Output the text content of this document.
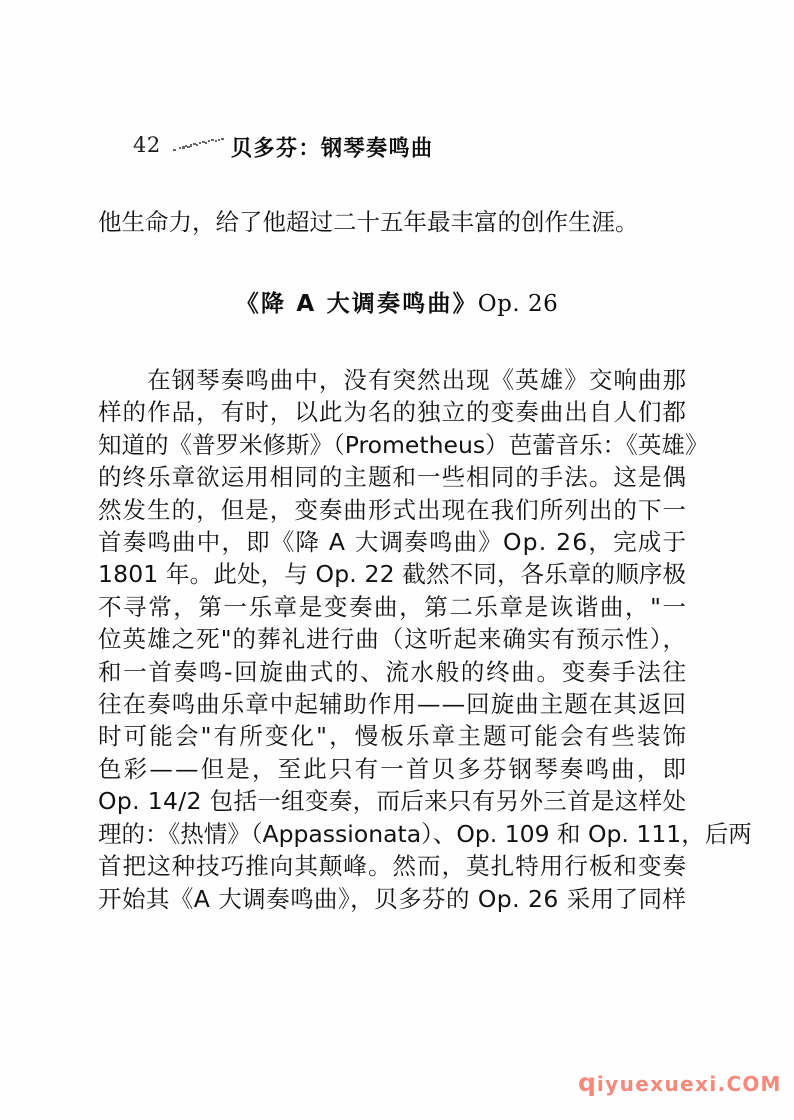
42	贝多芬：钢琴奏鸣曲
他生命力，给了他超过二十五年最丰富的创作生涯。
《降 A 大调奏鸣曲》Op. 26
　　在钢琴奏鸣曲中，没有突然出现《英雄》交响曲那
样的作品，有时，以此为名的独立的变奏曲出自人们都
知道的《普罗米修斯》（Prometheus）芭蕾音乐：《英雄》
的终乐章欲运用相同的主题和一些相同的手法。这是偶
然发生的，但是，变奏曲形式出现在我们所列出的下一
首奏鸣曲中，即《降 A 大调奏鸣曲》Op. 26，完成于
1801 年。此处，与 Op. 22 截然不同，各乐章的顺序极
不寻常，第一乐章是变奏曲，第二乐章是诙谐曲，"一
位英雄之死"的葬礼进行曲（这听起来确实有预示性），
和一首奏鸣-回旋曲式的、流水般的终曲。变奏手法往
往在奏鸣曲乐章中起辅助作用——回旋曲主题在其返回
时可能会"有所变化"，慢板乐章主题可能会有些装饰
色彩——但是，至此只有一首贝多芬钢琴奏鸣曲，即
Op. 14/2 包括一组变奏，而后来只有另外三首是这样处
理的：《热情》（Appassionata）、Op. 109 和 Op. 111，后两
首把这种技巧推向其颠峰。然而，莫扎特用行板和变奏
开始其《A 大调奏鸣曲》，贝多芬的 Op. 26 采用了同样
qiyuexuexi.COM
